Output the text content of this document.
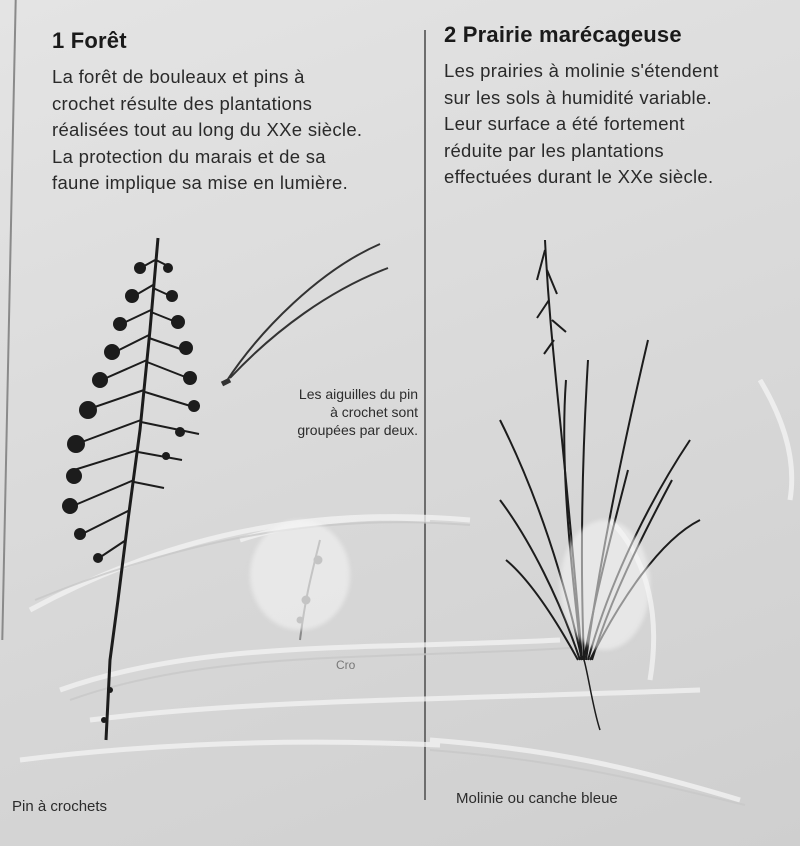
1 Forêt

La forêt de bouleaux et pins à
crochet résulte des plantations
réalisées tout au long du XXe siècle.
La protection du marais et de sa
faune implique sa mise en lumière.

2 Prairie marécageuse

Les prairies à molinie s'étendent
sur les sols à humidité variable.
Leur surface a été fortement
réduite par les plantations
effectuées durant le XXe siècle.

Les aiguilles du pin
à crochet sont
groupées par deux.
Cro
Pin à crochets	Molinie ou canche bleue
